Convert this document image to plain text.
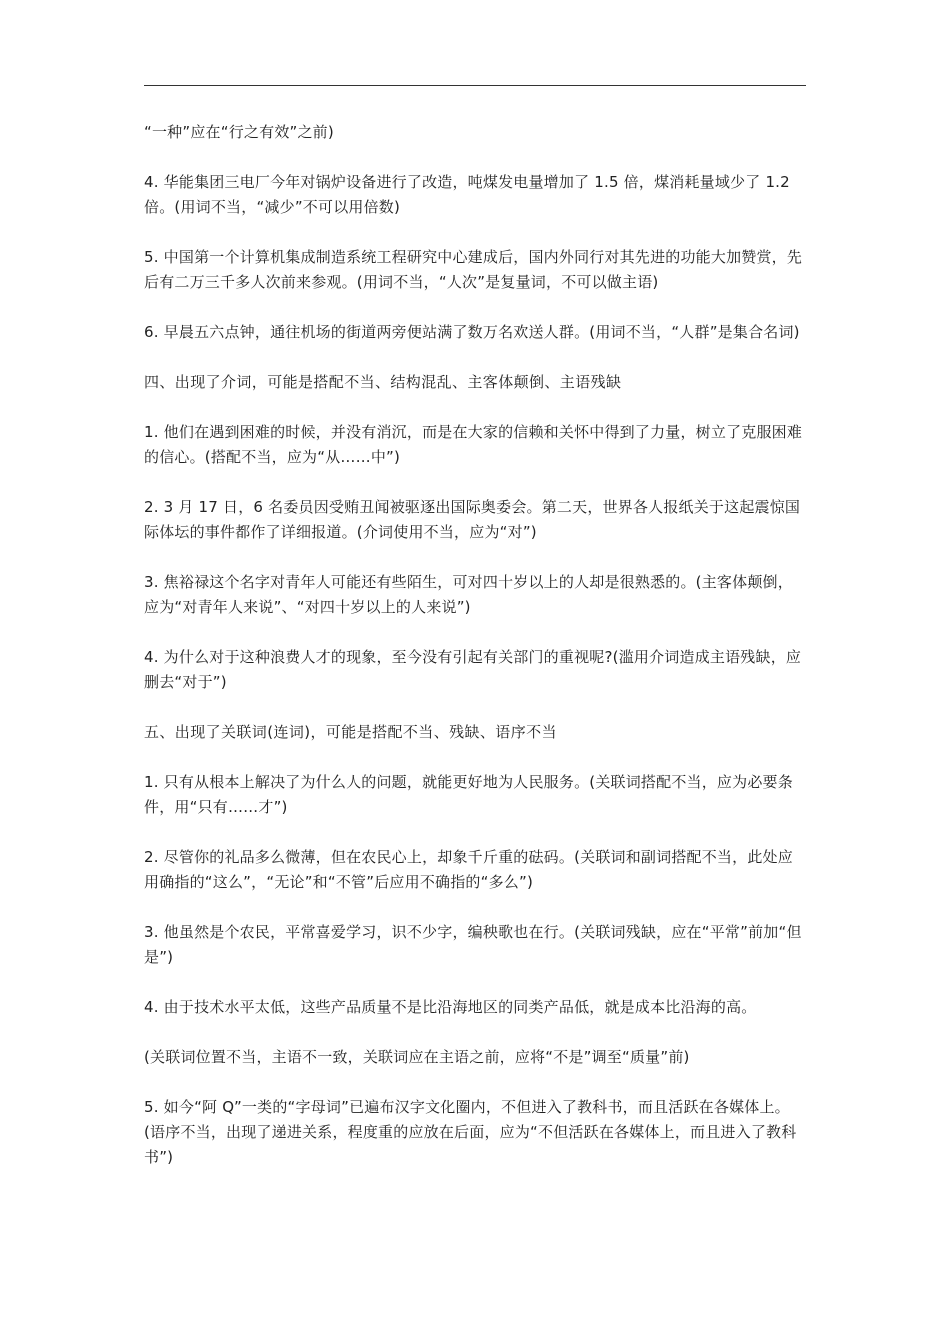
“一种”应在“行之有效”之前)

4. 华能集团三电厂今年对锅炉设备进行了改造，吨煤发电量增加了 1.5 倍，煤消耗量域少了 1.2 倍。(用词不当，“减少”不可以用倍数)

5. 中国第一个计算机集成制造系统工程研究中心建成后，国内外同行对其先进的功能大加赞赏，先后有二万三千多人次前来参观。(用词不当，“人次”是复量词，不可以做主语)

6. 早晨五六点钟，通往机场的街道两旁便站满了数万名欢送人群。(用词不当，“人群”是集合名词)

四、出现了介词，可能是搭配不当、结构混乱、主客体颠倒、主语残缺

1. 他们在遇到困难的时候，并没有消沉，而是在大家的信赖和关怀中得到了力量，树立了克服困难的信心。(搭配不当，应为“从……中”)

2. 3 月 17 日，6 名委员因受贿丑闻被驱逐出国际奥委会。第二天，世界各人报纸关于这起震惊国际体坛的事件都作了详细报道。(介词使用不当，应为“对”)

3. 焦裕禄这个名字对青年人可能还有些陌生，可对四十岁以上的人却是很熟悉的。(主客体颠倒，应为“对青年人来说”、“对四十岁以上的人来说”)

4. 为什么对于这种浪费人才的现象，至今没有引起有关部门的重视呢?(滥用介词造成主语残缺，应删去“对于”)

五、出现了关联词(连词)，可能是搭配不当、残缺、语序不当

1. 只有从根本上解决了为什么人的问题，就能更好地为人民服务。(关联词搭配不当，应为必要条件，用“只有……才”)

2. 尽管你的礼品多么微薄，但在农民心上，却象千斤重的砝码。(关联词和副词搭配不当，此处应用确指的“这么”，“无论”和“不管”后应用不确指的“多么”)

3. 他虽然是个农民，平常喜爱学习，识不少字，编秧歌也在行。(关联词残缺，应在“平常”前加“但是”)

4. 由于技术水平太低，这些产品质量不是比沿海地区的同类产品低，就是成本比沿海的高。

(关联词位置不当，主语不一致，关联词应在主语之前，应将“不是”调至“质量”前)

5. 如今“阿 Q”一类的“字母词”已遍布汉字文化圈内，不但进入了教科书，而且活跃在各媒体上。(语序不当，出现了递进关系，程度重的应放在后面，应为“不但活跃在各媒体上，而且进入了教科书”)
